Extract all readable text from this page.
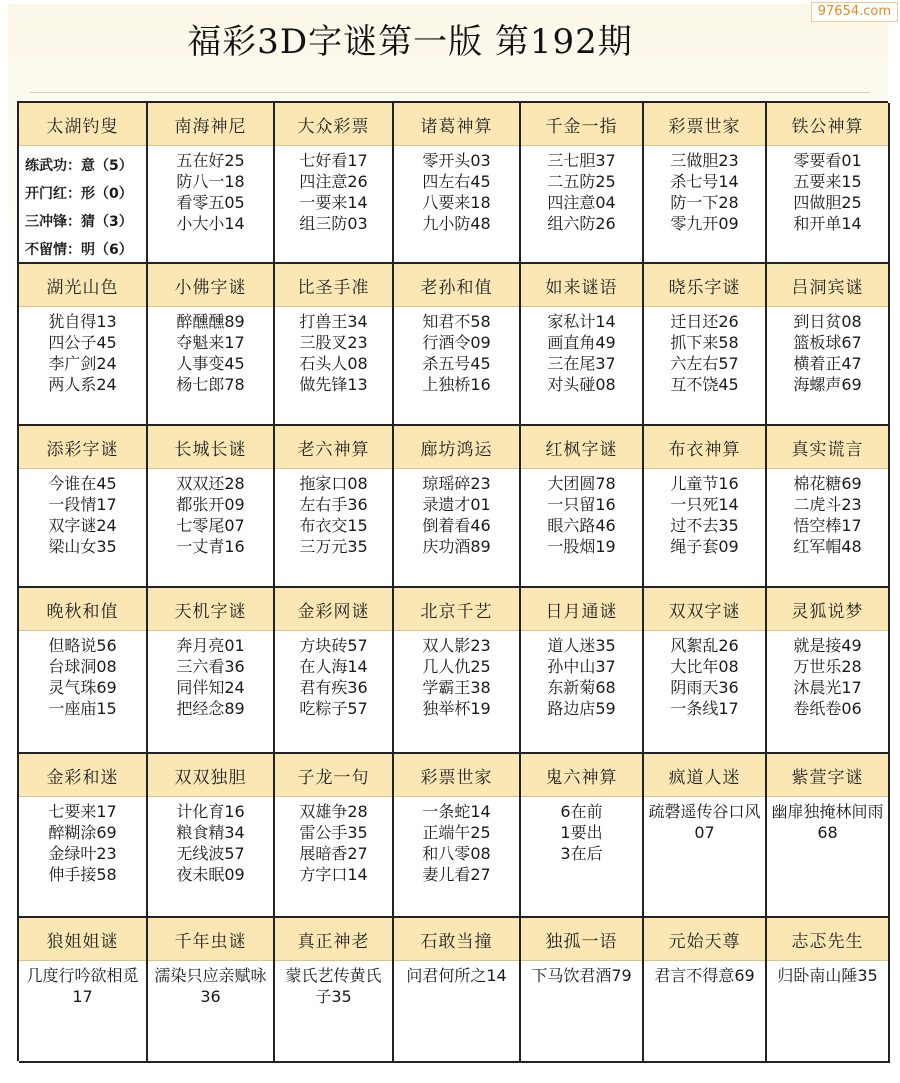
97654.com
福彩3D字谜第一版 第192期
太湖钓叟
练武功：意（5）
开门红：形（0）
三冲锋：猜（3）
不留情：明（6）
南海神尼
五在好25
防八一18
看零五05
小大小14
大众彩票
七好看17
四注意26
一要来14
组三防03
诸葛神算
零开头03
四左右45
八要来18
九小防48
千金一指
三七胆37
二五防25
四注意04
组六防26
彩票世家
三做胆23
杀七号14
防一下28
零九开09
铁公神算
零要看01
五要来15
四做胆25
和开单14
湖光山色
犹自得13
四公子45
李广剑24
两人系24
小佛字谜
醉醺醺89
夺魁来17
人事变45
杨七郎78
比圣手准
打兽王34
三股叉23
石头人08
做先锋13
老孙和值
知君不58
行酒令09
杀五号45
上独桥16
如来谜语
家私计14
画直角49
三在尾37
对头碰08
晓乐字谜
迁日还26
抓下来58
六左右57
互不饶45
吕洞宾谜
到日贫08
篮板球67
横着正47
海螺声69
添彩字谜
今谁在45
一段情17
双字谜24
梁山女35
长城长谜
双双还28
都张开09
七零尾07
一丈青16
老六神算
拖家口08
左右手36
布衣交15
三万元35
廊坊鸿运
琼瑶碎23
录遗才01
倒着看46
庆功酒89
红枫字谜
大团圆78
一只留16
眼六路46
一股烟19
布衣神算
儿童节16
一只死14
过不去35
绳子套09
真实谎言
棉花糖69
二虎斗23
悟空棒17
红军帽48
晚秋和值
但略说56
台球洞08
灵气珠69
一座庙15
天机字谜
奔月亮01
三六看36
同伴知24
把经念89
金彩网谜
方块砖57
在人海14
君有疾36
吃粽子57
北京千艺
双人影23
几人仇25
学霸王38
独举杯19
日月通谜
道人迷35
孙中山37
东新菊68
路边店59
双双字谜
风絮乱26
大比年08
阴雨天36
一条线17
灵狐说梦
就是接49
万世乐28
沐晨光17
卷纸卷06
金彩和迷
七要来17
醉糊涂69
金绿叶23
伸手接58
双双独胆
计化育16
粮食精34
无线波57
夜未眠09
子龙一句
双雄争28
雷公手35
展暗香27
方字口14
彩票世家
一条蛇14
正端午25
和八零08
妻儿看27
鬼六神算
6在前
1要出
3在后
疯道人迷
疏磬遥传谷口风07
紫萱字谜
幽扉独掩林间雨68
狼姐姐谜
几度行吟欲相觅17
千年虫谜
濡染只应亲赋咏36
真正神老
蒙氏艺传黄氏子35
石敢当撞
问君何所之14
独孤一语
下马饮君酒79
元始天尊
君言不得意69
志忑先生
归卧南山陲35
